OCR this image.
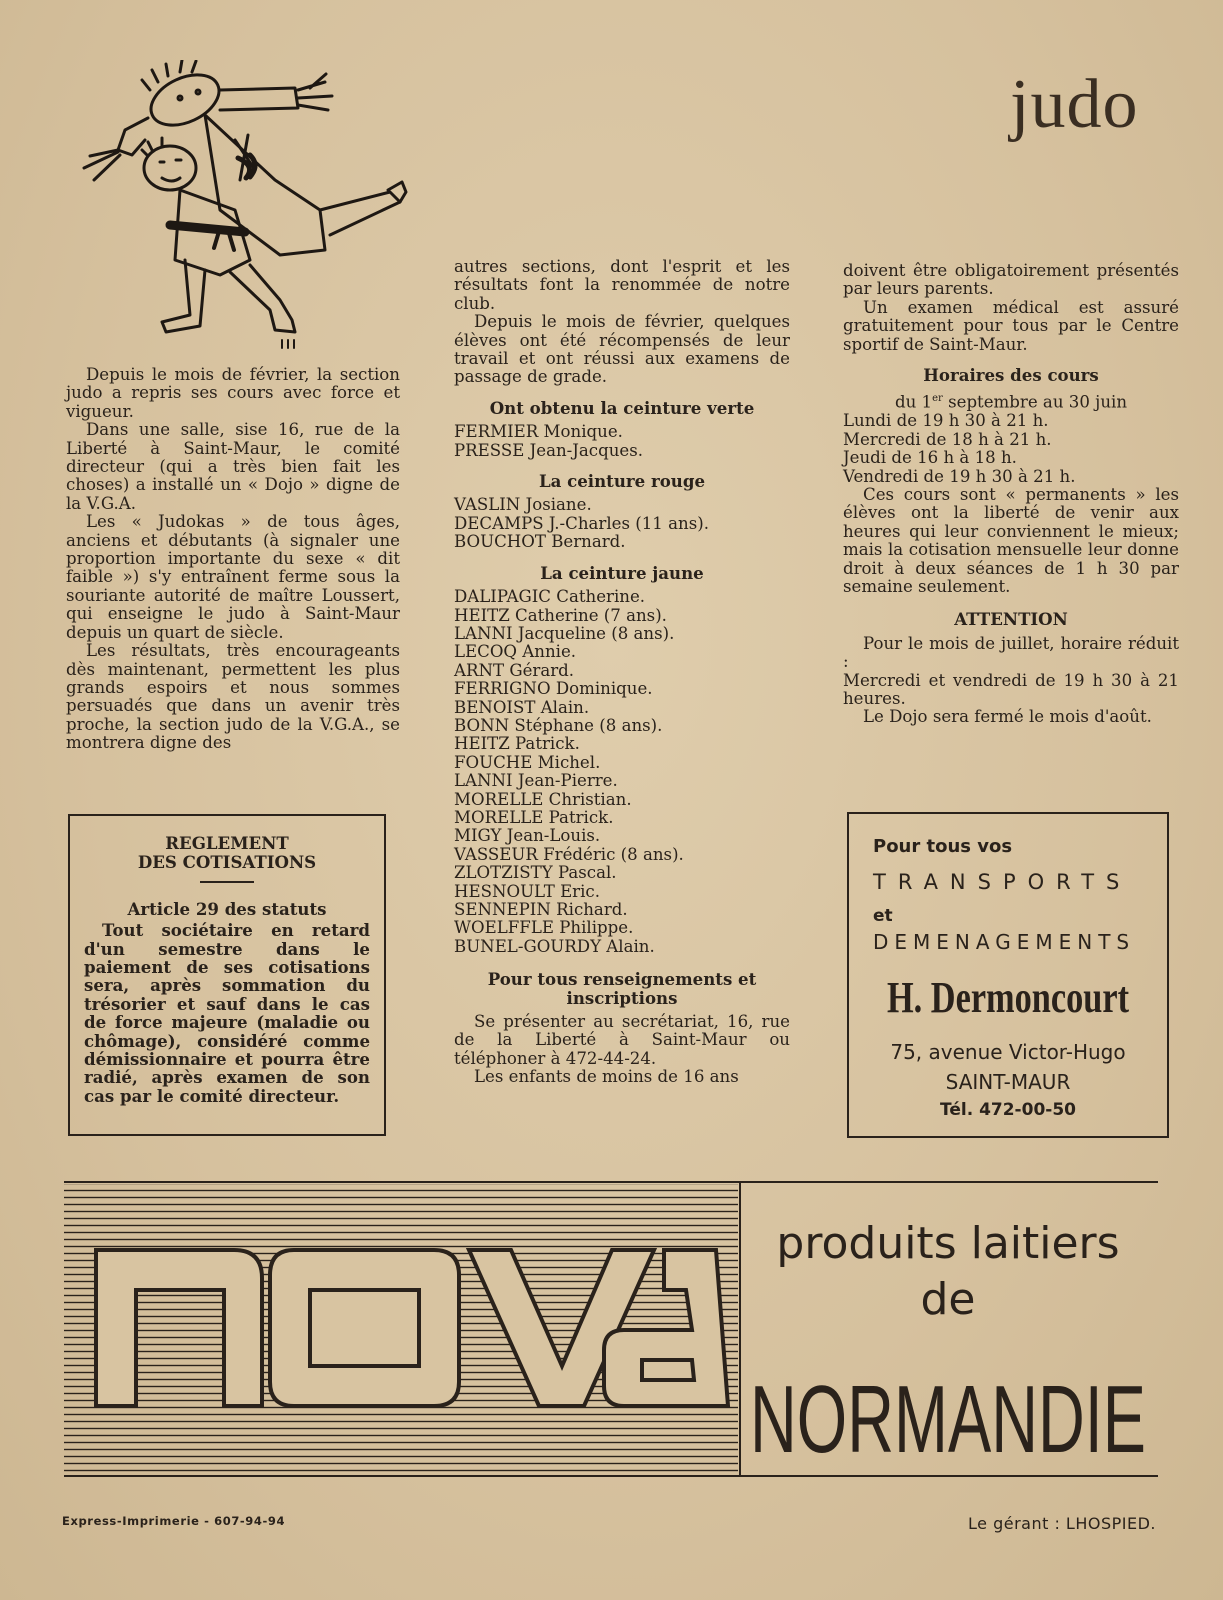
judo

Depuis le mois de février, la section judo a repris ses cours avec force et vigueur.

Dans une salle, sise 16, rue de la Liberté à Saint-Maur, le comité directeur (qui a très bien fait les choses) a installé un « Dojo » digne de la V.G.A.

Les « Judokas » de tous âges, anciens et débutants (à signaler une proportion importante du sexe « dit faible ») s'y entraînent ferme sous la souriante autorité de maître Loussert, qui enseigne le judo à Saint-Maur depuis un quart de siècle.

Les résultats, très encourageants dès maintenant, permettent les plus grands espoirs et nous sommes persuadés que dans un avenir très proche, la section judo de la V.G.A., se montrera digne des

autres sections, dont l'esprit et les résultats font la renommée de notre club.

Depuis le mois de février, quelques élèves ont été récompensés de leur travail et ont réussi aux examens de passage de grade.

Ont obtenu la ceinture verte
FERMIER Monique.
PRESSE Jean-Jacques.
La ceinture rouge
VASLIN Josiane.
DECAMPS J.-Charles (11 ans).
BOUCHOT Bernard.
La ceinture jaune
DALIPAGIC Catherine.
HEITZ Catherine (7 ans).
LANNI Jacqueline (8 ans).
LECOQ Annie.
ARNT Gérard.
FERRIGNO Dominique.
BENOIST Alain.
BONN Stéphane (8 ans).
HEITZ Patrick.
FOUCHE Michel.
LANNI Jean-Pierre.
MORELLE Christian.
MORELLE Patrick.
MIGY Jean-Louis.
VASSEUR Frédéric (8 ans).
ZLOTZISTY Pascal.
HESNOULT Eric.
SENNEPIN Richard.
WOELFFLE Philippe.
BUNEL-GOURDY Alain.
Pour tous renseignements et inscriptions

Se présenter au secrétariat, 16, rue de la Liberté à Saint-Maur ou téléphoner à 472-44-24.

Les enfants de moins de 16 ans

doivent être obligatoirement présentés par leurs parents.

Un examen médical est assuré gratuitement pour tous par le Centre sportif de Saint-Maur.

Horaires des cours
du 1er septembre au 30 juin
Lundi de 19 h 30 à 21 h.
Mercredi de 18 h à 21 h.
Jeudi de 16 h à 18 h.
Vendredi de 19 h 30 à 21 h.

Ces cours sont « permanents » les élèves ont la liberté de venir aux heures qui leur conviennent le mieux; mais la cotisation mensuelle leur donne droit à deux séances de 1 h 30 par semaine seulement.

ATTENTION

Pour le mois de juillet, horaire réduit :

Mercredi et vendredi de 19 h 30 à 21 heures.

Le Dojo sera fermé le mois d'août.

REGLEMENT
DES COTISATIONS
Article 29 des statuts
Tout sociétaire en retard d'un semestre dans le paiement de ses cotisations sera, après sommation du trésorier et sauf dans le cas de force majeure (maladie ou chômage), considéré comme démissionnaire et pourra être radié, après examen de son cas par le comité directeur.
Pour tous vos
TRANSPORTS
et
DEMENAGEMENTS
H. Dermoncourt
75, avenue Victor-Hugo
SAINT-MAUR
Tél. 472-00-50
produits laitiers
de
NORMANDIE
Express-Imprimerie - 607-94-94	Le gérant : LHOSPIED.
